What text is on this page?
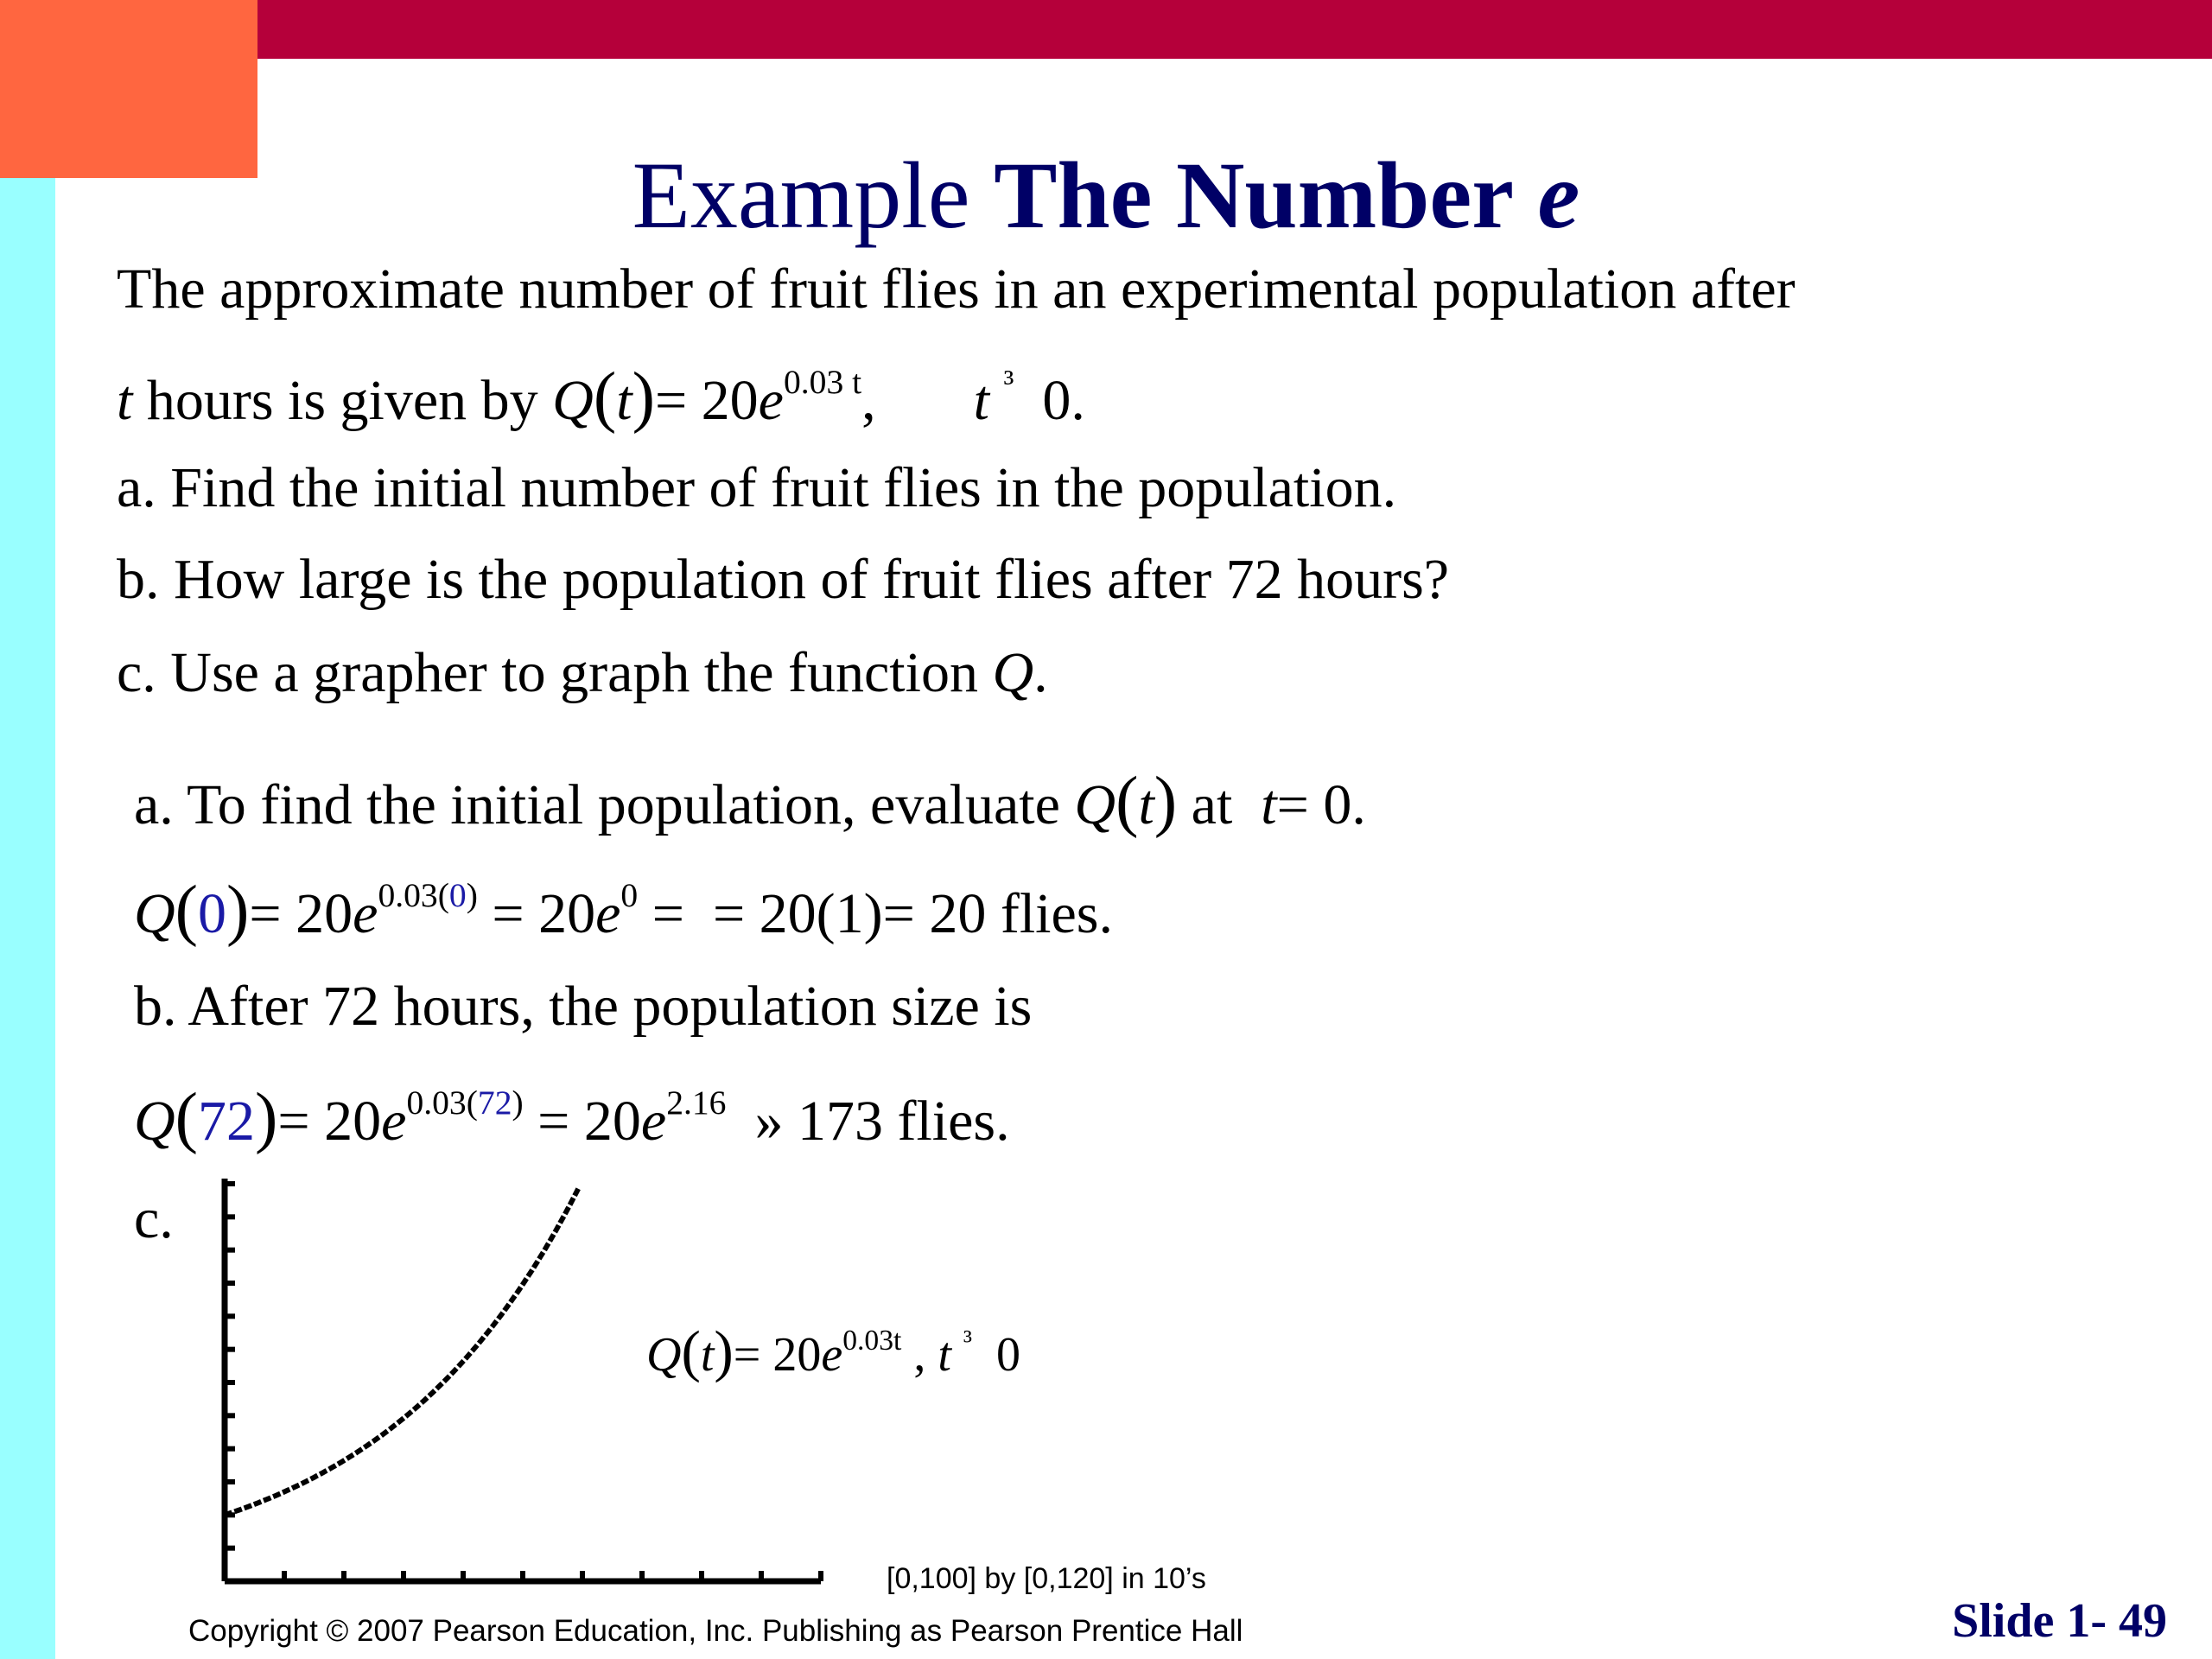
Example The Number e
The approximate number of fruit flies in an experimental population after
t hours is given by $Q(t)= 20e^{0.03 t}$, t $^{^3}$ 0.
a. Find the initial number of fruit flies in the population.
b. How large is the population of fruit flies after 72 hours?
c. Use a grapher to graph the function Q.
a. To find the initial population, evaluate Q(t) at  t= 0.
$Q(0)= 20e^{0.03(0)} = 20e^0$ =  = 20(1)= 20 flies.
b. After 72 hours, the population size is
$Q(72)= 20e^{0.03(72)} = 20e^{2.16}$ » 173 flies.
c.
$Q(t)= 20e^{0.03t}$ , t $^{^3}$ 0
[0,100] by [0,120] in 10’s
Copyright © 2007 Pearson Education, Inc. Publishing as Pearson Prentice Hall	Slide 1- 49
